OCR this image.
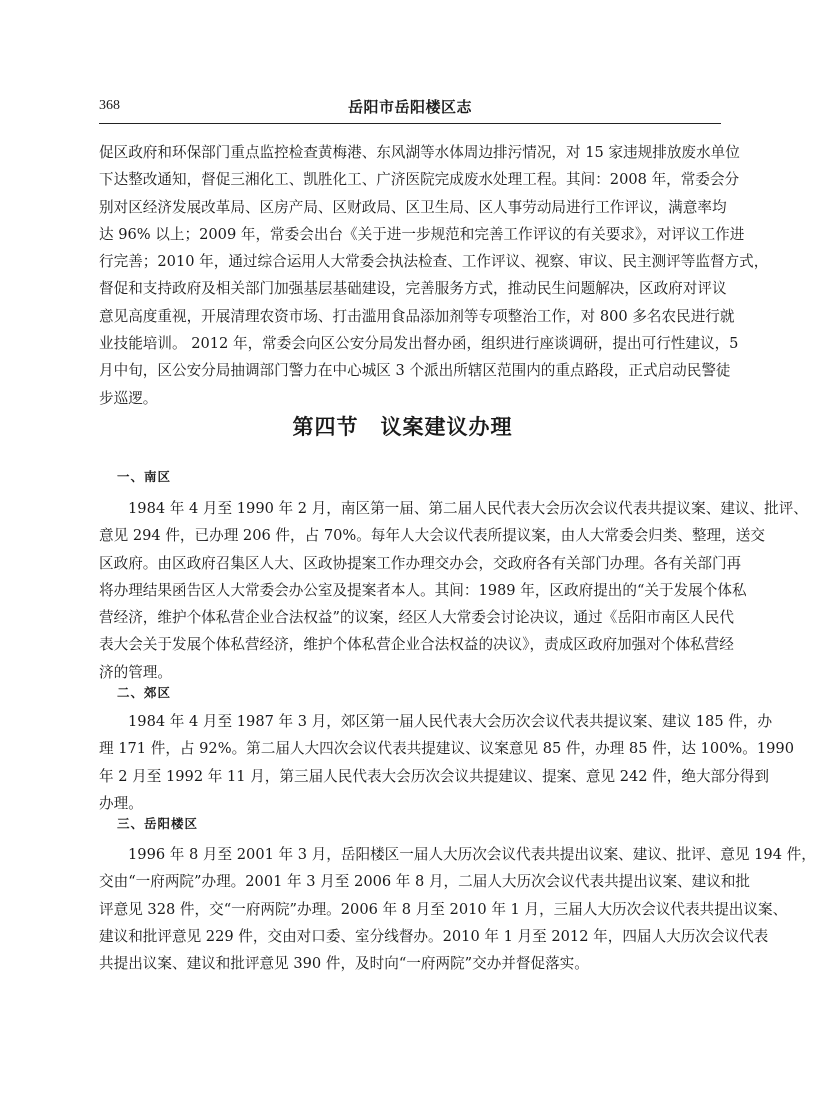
368	岳阳市岳阳楼区志
促区政府和环保部门重点监控检查黄梅港、东风湖等水体周边排污情况，对 15 家违规排放废水单位
下达整改通知，督促三湘化工、凯胜化工、广济医院完成废水处理工程。其间：2008 年，常委会分
别对区经济发展改革局、区房产局、区财政局、区卫生局、区人事劳动局进行工作评议，满意率均
达 96% 以上；2009 年，常委会出台《关于进一步规范和完善工作评议的有关要求》，对评议工作进
行完善；2010 年，通过综合运用人大常委会执法检查、工作评议、视察、审议、民主测评等监督方式，
督促和支持政府及相关部门加强基层基础建设，完善服务方式，推动民生问题解决，区政府对评议
意见高度重视，开展清理农资市场、打击滥用食品添加剂等专项整治工作，对 800 多名农民进行就
业技能培训。 2012 年，常委会向区公安分局发出督办函，组织进行座谈调研，提出可行性建议，5
月中旬，区公安分局抽调部门警力在中心城区 3 个派出所辖区范围内的重点路段，正式启动民警徒
步巡逻。
第四节 议案建议办理
一、南区
1984 年 4 月至 1990 年 2 月，南区第一届、第二届人民代表大会历次会议代表共提议案、建议、批评、
意见 294 件，已办理 206 件，占 70%。每年人大会议代表所提议案，由人大常委会归类、整理，送交
区政府。由区政府召集区人大、区政协提案工作办理交办会，交政府各有关部门办理。各有关部门再
将办理结果函告区人大常委会办公室及提案者本人。其间：1989 年，区政府提出的“关于发展个体私
营经济，维护个体私营企业合法权益”的议案，经区人大常委会讨论决议，通过《岳阳市南区人民代
表大会关于发展个体私营经济，维护个体私营企业合法权益的决议》，责成区政府加强对个体私营经
济的管理。
二、郊区
1984 年 4 月至 1987 年 3 月，郊区第一届人民代表大会历次会议代表共提议案、建议 185 件，办
理 171 件，占 92%。第二届人大四次会议代表共提建议、议案意见 85 件，办理 85 件，达 100%。1990
年 2 月至 1992 年 11 月，第三届人民代表大会历次会议共提建议、提案、意见 242 件，绝大部分得到
办理。
三、岳阳楼区
1996 年 8 月至 2001 年 3 月，岳阳楼区一届人大历次会议代表共提出议案、建议、批评、意见 194 件，
交由“一府两院”办理。2001 年 3 月至 2006 年 8 月，二届人大历次会议代表共提出议案、建议和批
评意见 328 件，交“一府两院”办理。2006 年 8 月至 2010 年 1 月，三届人大历次会议代表共提出议案、
建议和批评意见 229 件，交由对口委、室分线督办。2010 年 1 月至 2012 年，四届人大历次会议代表
共提出议案、建议和批评意见 390 件，及时向“一府两院”交办并督促落实。
